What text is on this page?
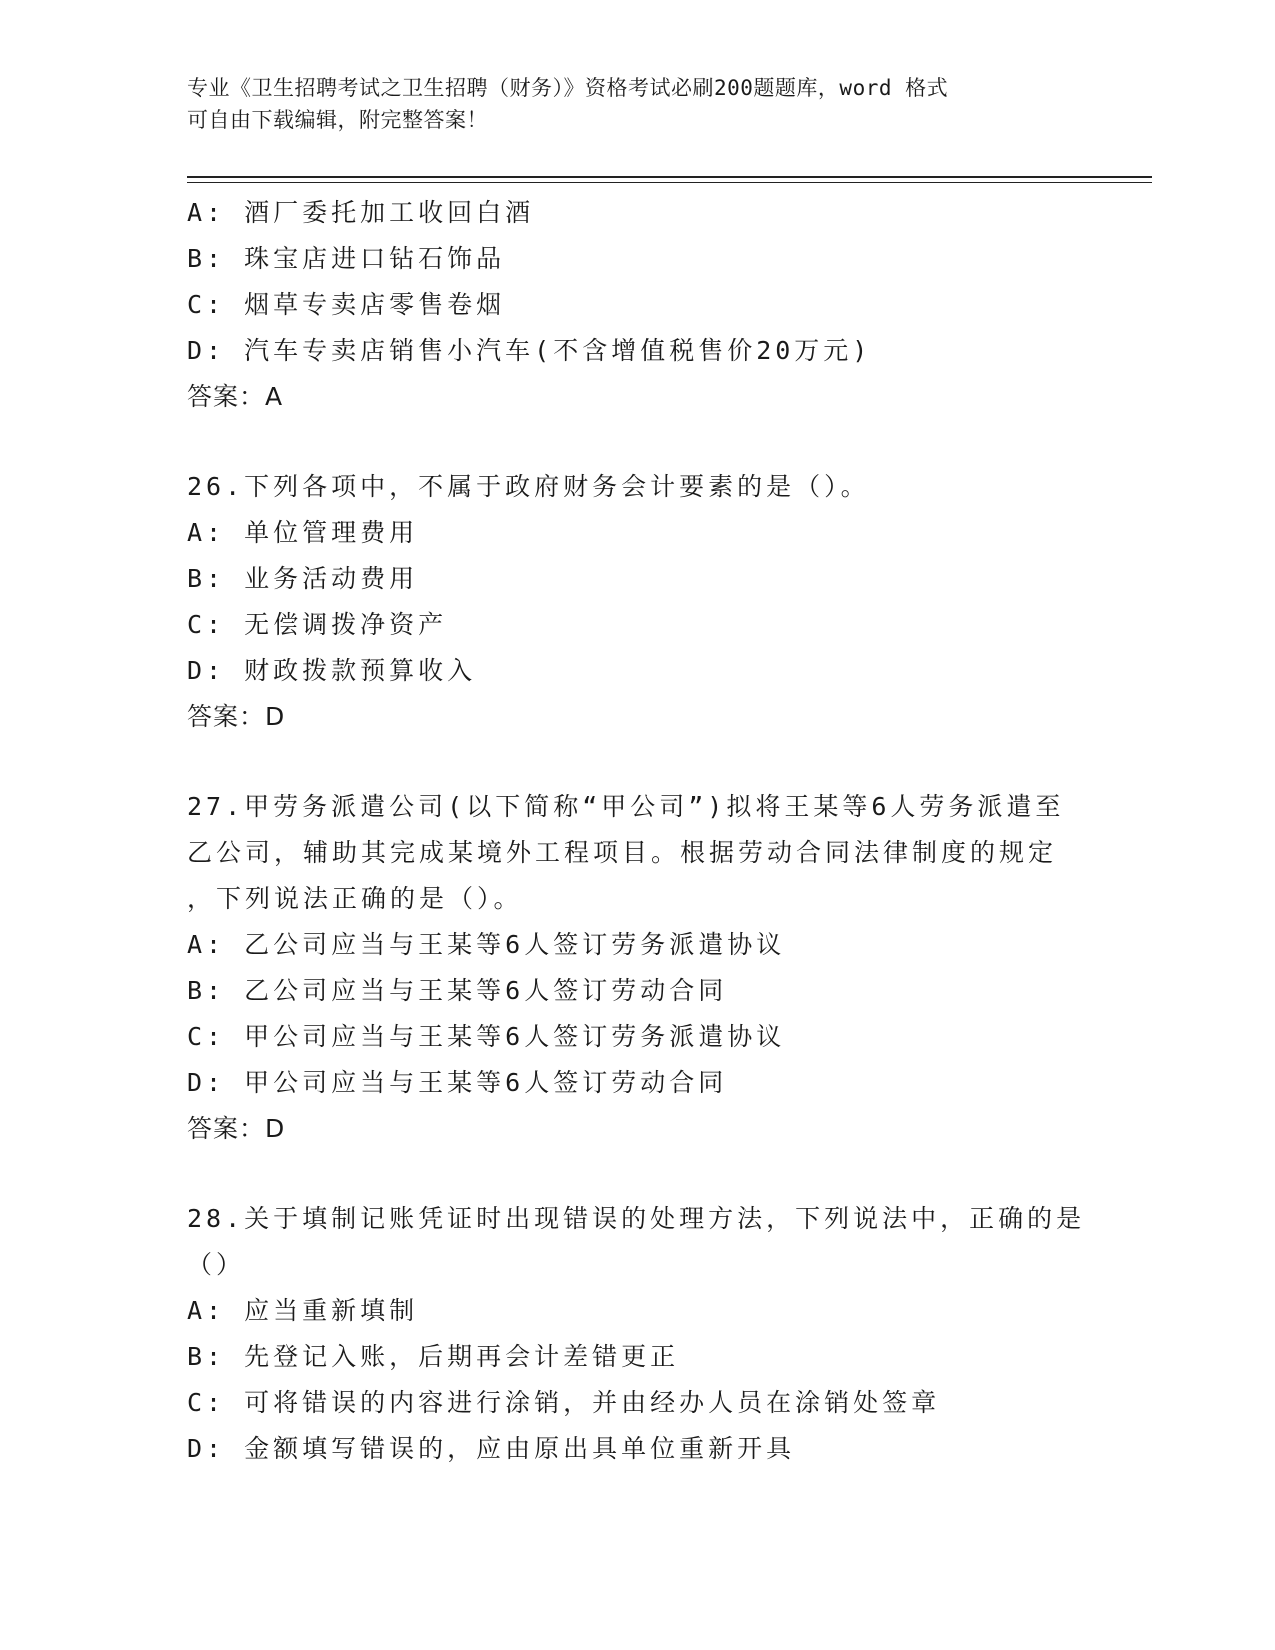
专业《卫生招聘考试之卫生招聘（财务）》资格考试必刷200题题库，word 格式
可自由下载编辑，附完整答案！
A: 酒厂委托加工收回白酒
B: 珠宝店进口钻石饰品
C: 烟草专卖店零售卷烟
D: 汽车专卖店销售小汽车(不含增值税售价20万元)
答案：A
26.下列各项中，不属于政府财务会计要素的是（）。
A: 单位管理费用
B: 业务活动费用
C: 无偿调拨净资产
D: 财政拨款预算收入
答案：D
27.甲劳务派遣公司(以下简称“甲公司”)拟将王某等6人劳务派遣至
乙公司，辅助其完成某境外工程项目。根据劳动合同法律制度的规定
，下列说法正确的是（）。
A: 乙公司应当与王某等6人签订劳务派遣协议
B: 乙公司应当与王某等6人签订劳动合同
C: 甲公司应当与王某等6人签订劳务派遣协议
D: 甲公司应当与王某等6人签订劳动合同
答案：D
28.关于填制记账凭证时出现错误的处理方法，下列说法中，正确的是
（）
A: 应当重新填制
B: 先登记入账，后期再会计差错更正
C: 可将错误的内容进行涂销，并由经办人员在涂销处签章
D: 金额填写错误的，应由原出具单位重新开具
